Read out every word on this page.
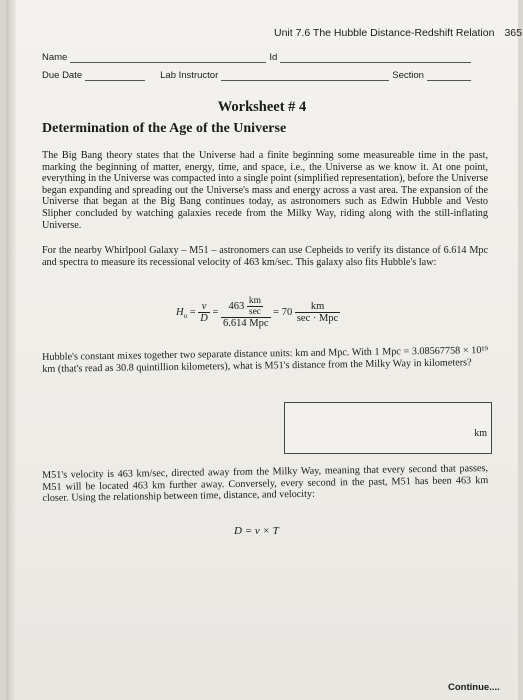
Unit 7.6 The Hubble Distance-Redshift Relation 365
Name	Id
Due Date	Lab Instructor	Section
Worksheet # 4
Determination of the Age of the Universe
The Big Bang theory states that the Universe had a finite beginning some measureable time in the past, marking the beginning of matter, energy, time, and space, i.e., the Universe as we know it. At one point, everything in the Universe was compacted into a single point (simplified representation), before the Universe began expanding and spreading out the Universe's mass and energy across a vast area. The expansion of the Universe that began at the Big Bang continues today, as astronomers such as Edwin Hubble and Vesto Slipher concluded by watching galaxies recede from the Milky Way, riding along with the still-inflating Universe.
For the nearby Whirlpool Galaxy – M51 – astronomers can use Cepheids to verify its distance of 6.614 Mpc and spectra to measure its recessional velocity of 463 km/sec. This galaxy also fits Hubble's law:
$H_o = \frac{v}{D} = \frac{463 \frac{km}{\sec}}{\text{6.614 Mpc}} = 70 \frac{km}{\text{sec · Mpc}}$
Hubble's constant mixes together two separate distance units: km and Mpc. With 1 Mpc = 3.08567758 × 10¹⁹ km (that's read as 30.8 quintillion kilometers), what is M51's distance from the Milky Way in kilometers?
km
M51's velocity is 463 km/sec, directed away from the Milky Way, meaning that every second that passes, M51 will be located 463 km further away. Conversely, every second in the past, M51 has been 463 km closer. Using the relationship between time, distance, and velocity:
D = v × T
Continue....
